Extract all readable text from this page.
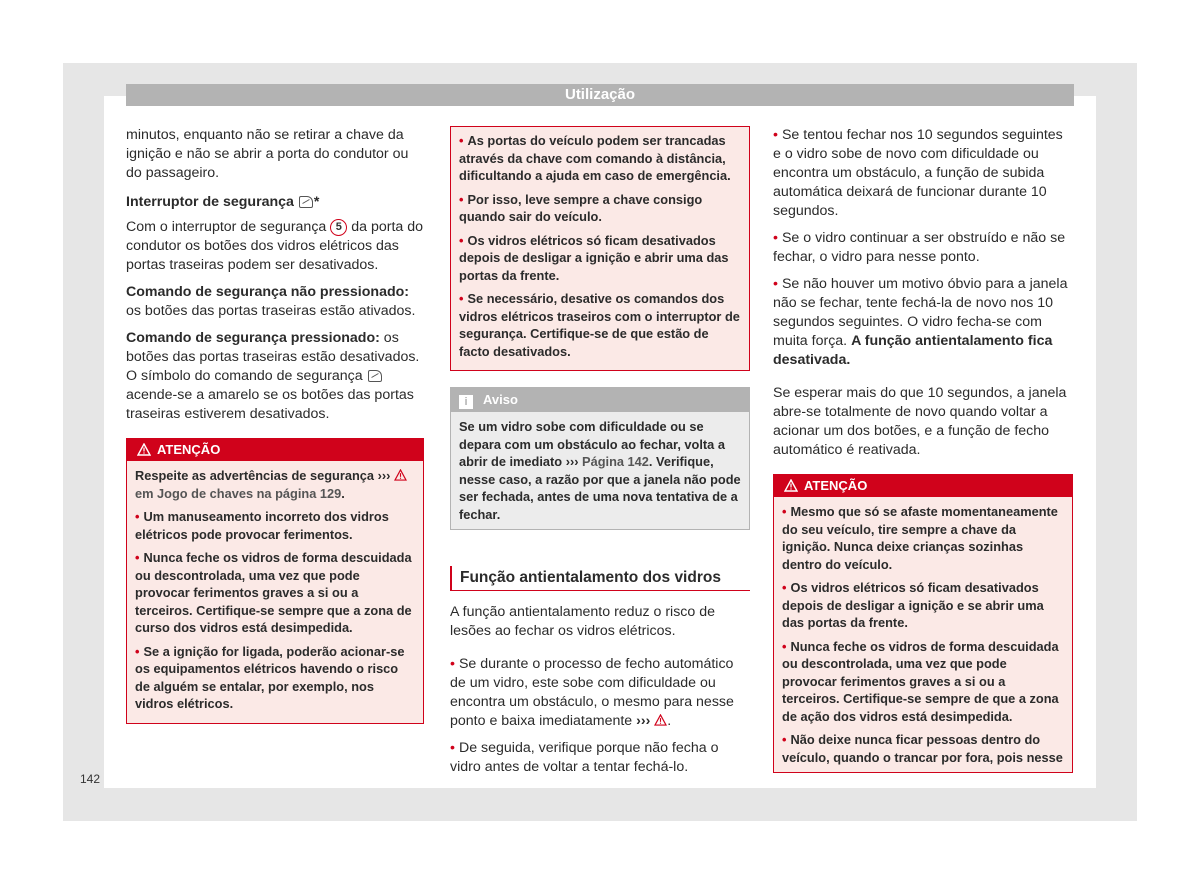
Utilização

minutos, enquanto não se retirar a chave da ignição e não se abrir a porta do condutor ou do passageiro.

Interruptor de segurança *

Com o interruptor de segurança 5 da porta do condutor os botões dos vidros elétricos das portas traseiras podem ser desativados.

Comando de segurança não pressionado: os botões das portas traseiras estão ativados.

Comando de segurança pressionado: os botões das portas traseiras estão desativados. O símbolo do comando de segurança  acende-se a amarelo se os botões das portas traseiras estiverem desativados.

ATENÇÃO

Respeite as advertências de segurança ›››  em Jogo de chaves na página 129.

• Um manuseamento incorreto dos vidros elétricos pode provocar ferimentos.

• Nunca feche os vidros de forma descuidada ou descontrolada, uma vez que pode provocar ferimentos graves a si ou a terceiros. Certifique-se sempre que a zona de curso dos vidros está desimpedida.

• Se a ignição for ligada, poderão acionar-se os equipamentos elétricos havendo o risco de alguém se entalar, por exemplo, nos vidros elétricos.

• As portas do veículo podem ser trancadas através da chave com comando à distância, dificultando a ajuda em caso de emergência.

• Por isso, leve sempre a chave consigo quando sair do veículo.

• Os vidros elétricos só ficam desativados depois de desligar a ignição e abrir uma das portas da frente.

• Se necessário, desative os comandos dos vidros elétricos traseiros com o interruptor de segurança. Certifique-se de que estão de facto desativados.

i Aviso
Se um vidro sobe com dificuldade ou se depara com um obstáculo ao fechar, volta a abrir de imediato ››› Página 142. Verifique, nesse caso, a razão por que a janela não pode ser fechada, antes de uma nova tentativa de a fechar.
Função antientalamento dos vidros

A função antientalamento reduz o risco de lesões ao fechar os vidros elétricos.

• Se durante o processo de fecho automático de um vidro, este sobe com dificuldade ou encontra um obstáculo, o mesmo para nesse ponto e baixa imediatamente ››› .

• De seguida, verifique porque não fecha o vidro antes de voltar a tentar fechá-lo.

• Se tentou fechar nos 10 segundos seguintes e o vidro sobe de novo com dificuldade ou encontra um obstáculo, a função de subida automática deixará de funcionar durante 10 segundos.

• Se o vidro continuar a ser obstruído e não se fechar, o vidro para nesse ponto.

• Se não houver um motivo óbvio para a janela não se fechar, tente fechá-la de novo nos 10 segundos seguintes. O vidro fecha-se com muita força. A função antientalamento fica desativada.

Se esperar mais do que 10 segundos, a janela abre-se totalmente de novo quando voltar a acionar um dos botões, e a função de fecho automático é reativada.

ATENÇÃO

• Mesmo que só se afaste momentaneamente do seu veículo, tire sempre a chave da ignição. Nunca deixe crianças sozinhas dentro do veículo.

• Os vidros elétricos só ficam desativados depois de desligar a ignição e se abrir uma das portas da frente.

• Nunca feche os vidros de forma descuidada ou descontrolada, uma vez que pode provocar ferimentos graves a si ou a terceiros. Certifique-se sempre de que a zona de ação dos vidros está desimpedida.

• Não deixe nunca ficar pessoas dentro do veículo, quando o trancar por fora, pois nesse

142
